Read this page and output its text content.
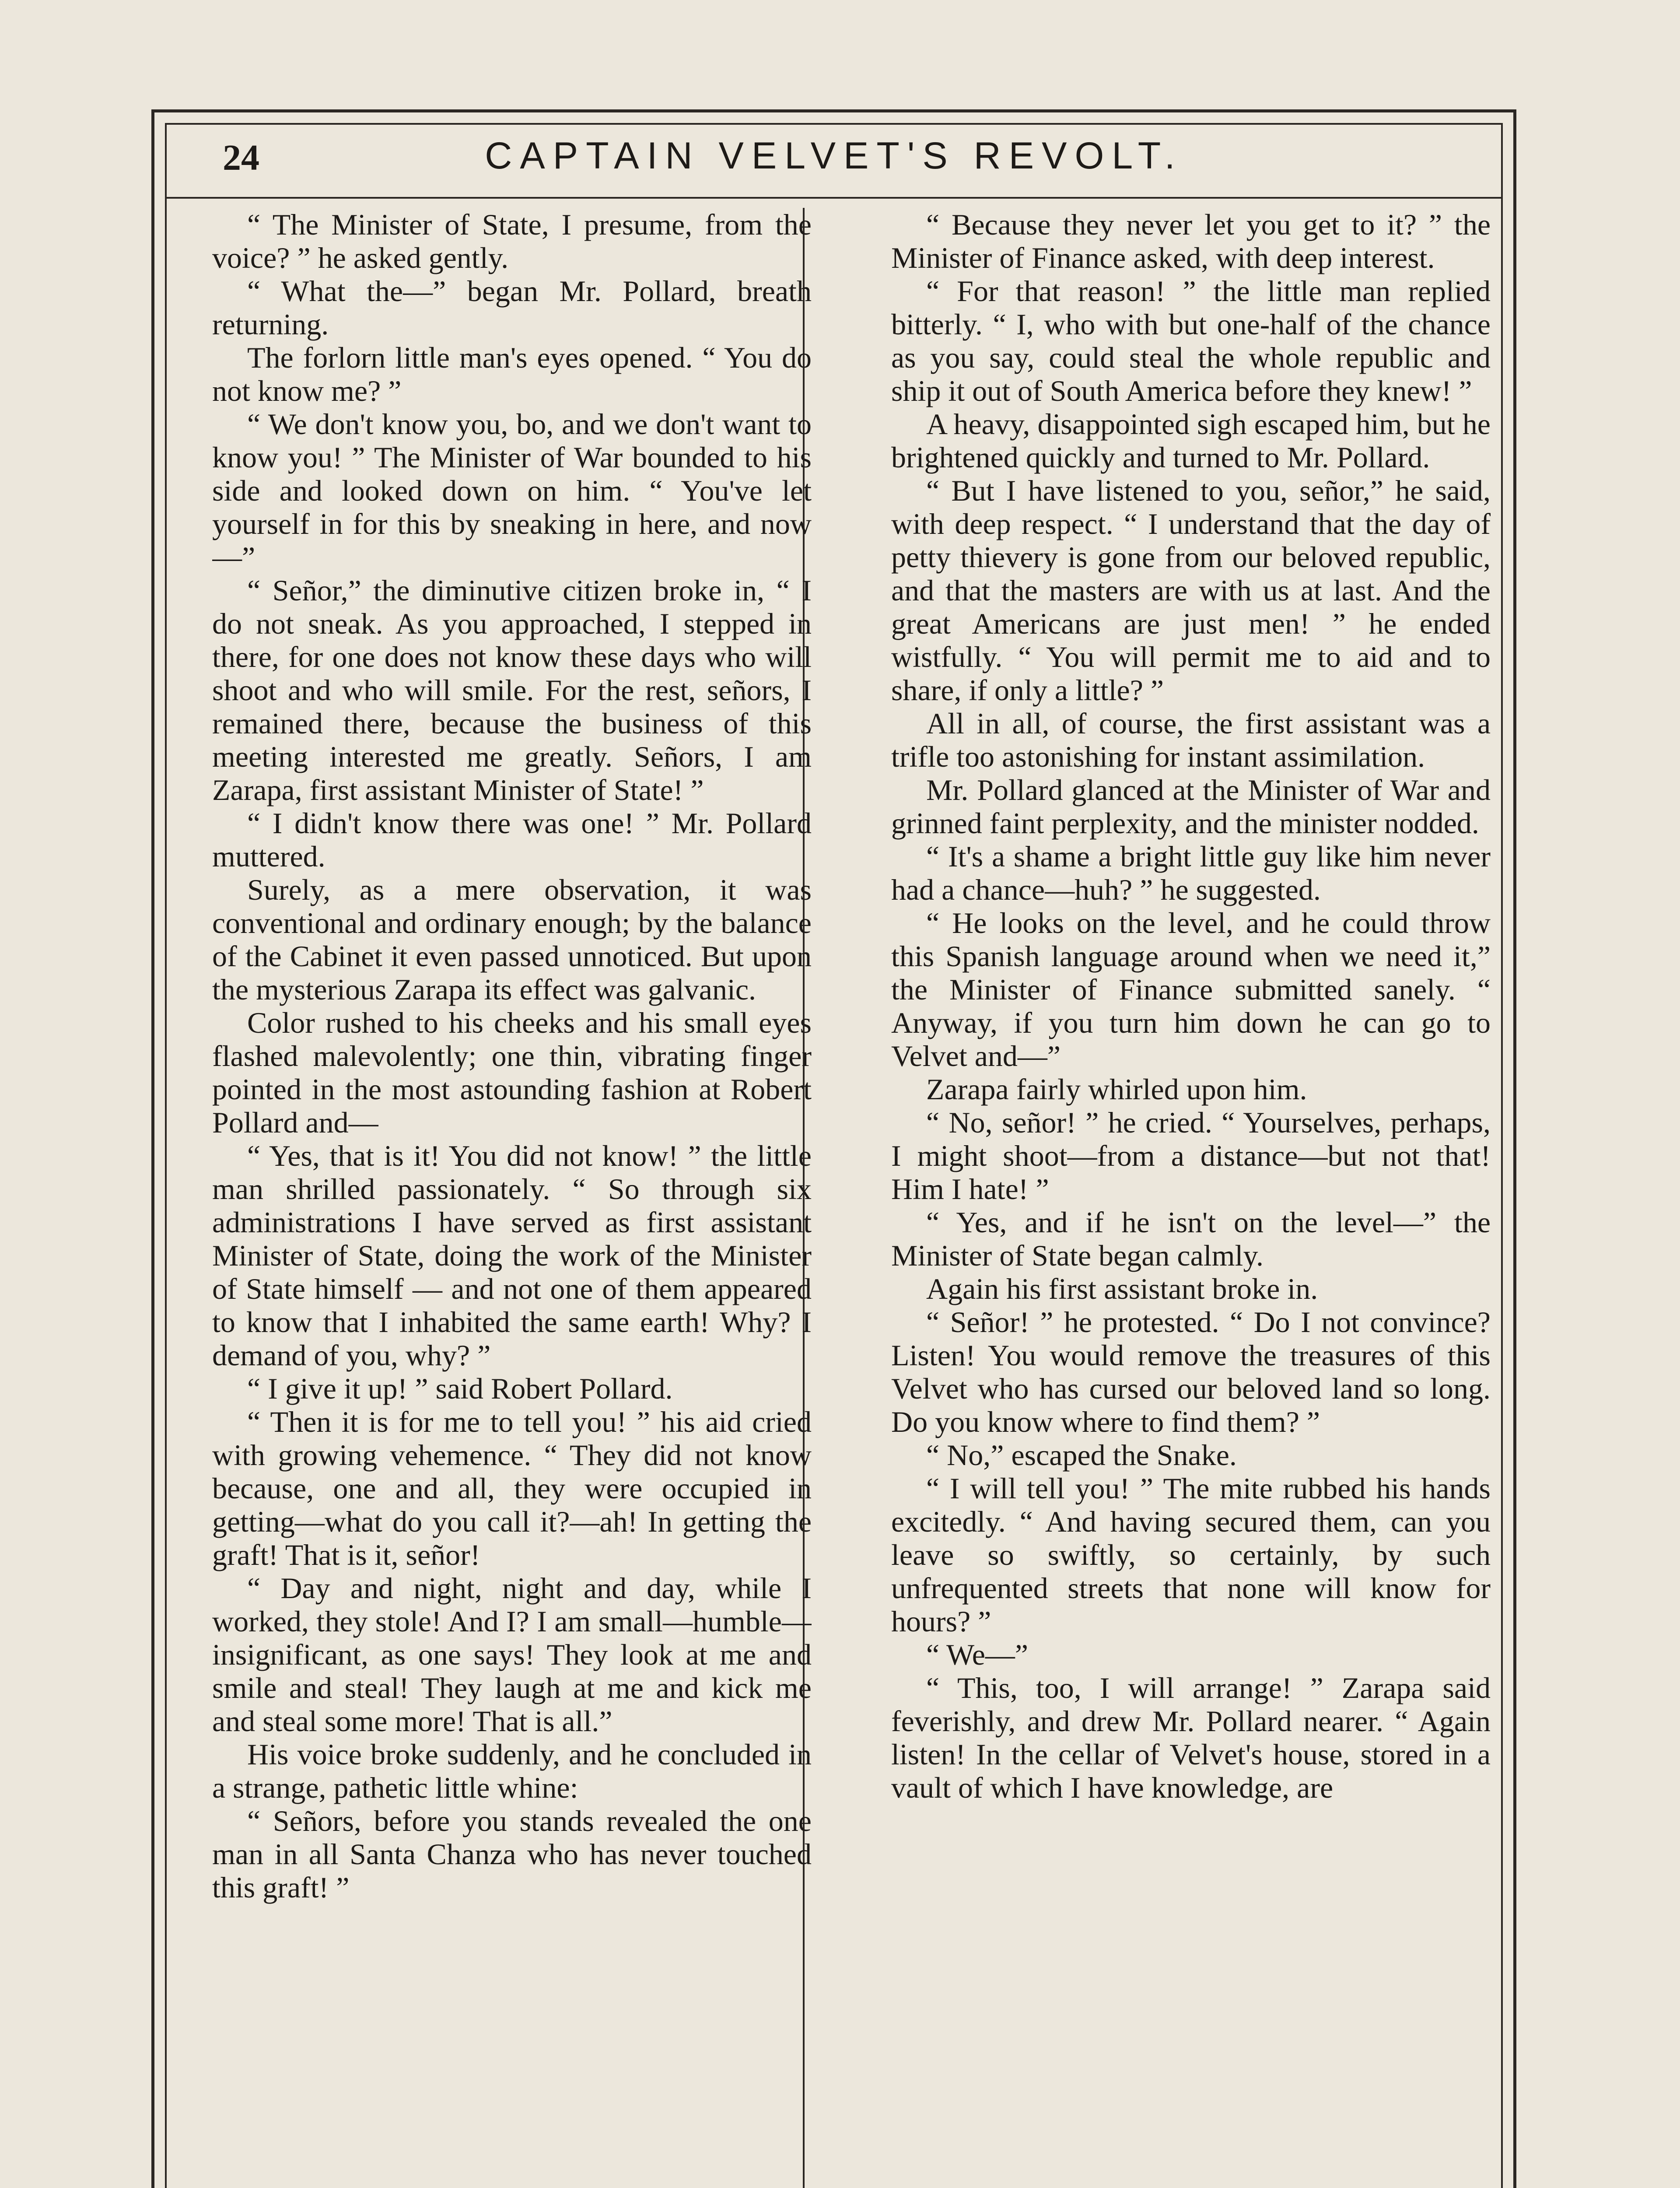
24	CAPTAIN VELVET'S REVOLT.

“ The Minister of State, I presume, from the voice? ” he asked gently.

“ What the—” began Mr. Pollard, breath returning.

The forlorn little man's eyes opened. “ You do not know me? ”

“ We don't know you, bo, and we don't want to know you! ” The Minister of War bounded to his side and looked down on him. “ You've let yourself in for this by sneaking in here, and now—”

“ Señor,” the diminutive citizen broke in, “ I do not sneak. As you approached, I stepped in there, for one does not know these days who will shoot and who will smile. For the rest, señors, I remained there, because the business of this meeting interested me greatly. Señors, I am Zarapa, first assistant Minister of State! ”

“ I didn't know there was one! ” Mr. Pollard muttered.

Surely, as a mere observation, it was conventional and ordinary enough; by the balance of the Cabinet it even passed unnoticed. But upon the mysterious Zarapa its effect was galvanic.

Color rushed to his cheeks and his small eyes flashed malevolently; one thin, vibrating finger pointed in the most astounding fashion at Robert Pollard and—

“ Yes, that is it! You did not know! ” the little man shrilled passionately. “ So through six administrations I have served as first assistant Minister of State, doing the work of the Minister of State himself — and not one of them appeared to know that I inhabited the same earth! Why? I demand of you, why? ”

“ I give it up! ” said Robert Pollard.

“ Then it is for me to tell you! ” his aid cried with growing vehemence. “ They did not know because, one and all, they were occupied in getting—what do you call it?—ah! In getting the graft! That is it, señor!

“ Day and night, night and day, while I worked, they stole! And I? I am small—humble—insignificant, as one says! They look at me and smile and steal! They laugh at me and kick me and steal some more! That is all.”

His voice broke suddenly, and he concluded in a strange, pathetic little whine:

“ Señors, before you stands revealed the one man in all Santa Chanza who has never touched this graft! ”

“ Because they never let you get to it? ” the Minister of Finance asked, with deep interest.

“ For that reason! ” the little man replied bitterly. “ I, who with but one-half of the chance as you say, could steal the whole republic and ship it out of South America before they knew! ”

A heavy, disappointed sigh escaped him, but he brightened quickly and turned to Mr. Pollard.

“ But I have listened to you, señor,” he said, with deep respect. “ I understand that the day of petty thievery is gone from our beloved republic, and that the masters are with us at last. And the great Americans are just men! ” he ended wistfully. “ You will permit me to aid and to share, if only a little? ”

All in all, of course, the first assistant was a trifle too astonishing for instant assimilation.

Mr. Pollard glanced at the Minister of War and grinned faint perplexity, and the minister nodded.

“ It's a shame a bright little guy like him never had a chance—huh? ” he suggested.

“ He looks on the level, and he could throw this Spanish language around when we need it,” the Minister of Finance submitted sanely. “ Anyway, if you turn him down he can go to Velvet and—”

Zarapa fairly whirled upon him.

“ No, señor! ” he cried. “ Yourselves, perhaps, I might shoot—from a distance—but not that! Him I hate! ”

“ Yes, and if he isn't on the level—” the Minister of State began calmly.

Again his first assistant broke in.

“ Señor! ” he protested. “ Do I not convince? Listen! You would remove the treasures of this Velvet who has cursed our beloved land so long. Do you know where to find them? ”

“ No,” escaped the Snake.

“ I will tell you! ” The mite rubbed his hands excitedly. “ And having secured them, can you leave so swiftly, so certainly, by such unfrequented streets that none will know for hours? ”

“ We—”

“ This, too, I will arrange! ” Zarapa said feverishly, and drew Mr. Pollard nearer. “ Again listen! In the cellar of Velvet's house, stored in a vault of which I have knowledge, are
